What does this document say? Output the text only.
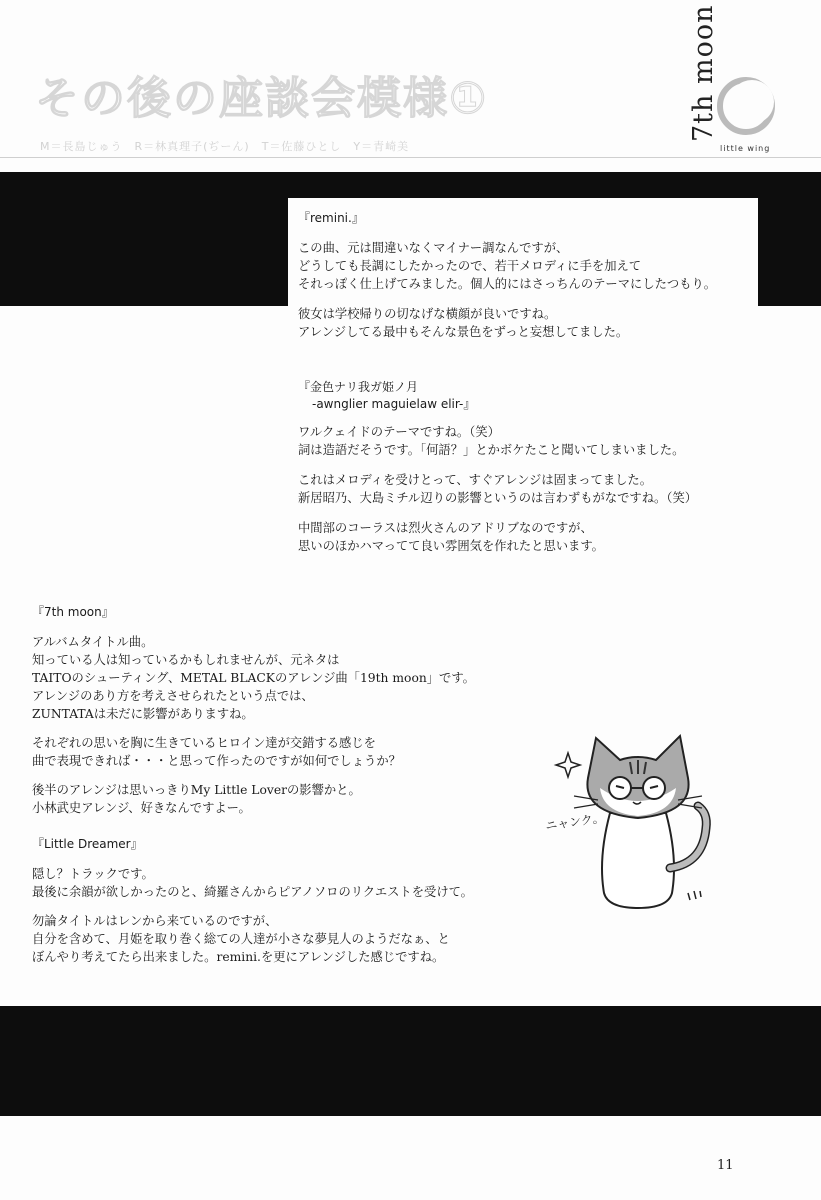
その後の座談会模様①
M＝長島じゅう　R＝林真理子(ぢーん)　T＝佐藤ひとし　Y＝青崎美
7th moon
little wing
『remini.』
この曲、元は間違いなくマイナー調なんですが、
どうしても長調にしたかったので、若干メロディに手を加えて
それっぽく仕上げてみました。個人的にはさっちんのテーマにしたつもり。
彼女は学校帰りの切なげな横顔が良いですね。
アレンジしてる最中もそんな景色をずっと妄想してました。
『金色ナリ我ガ姫ノ月
-awnglier maguielaw elir-』
ワルクェイドのテーマですね。（笑）
詞は造語だそうです。「何語？」とかボケたこと聞いてしまいました。
これはメロディを受けとって、すぐアレンジは固まってました。
新居昭乃、大島ミチル辺りの影響というのは言わずもがなですね。（笑）
中間部のコーラスは烈火さんのアドリブなのですが、
思いのほかハマってて良い雰囲気を作れたと思います。
『7th moon』
アルバムタイトル曲。
知っている人は知っているかもしれませんが、元ネタは
TAITOのシューティング、METAL BLACKのアレンジ曲「19th moon」です。
アレンジのあり方を考えさせられたという点では、
ZUNTATAは未だに影響がありますね。
それぞれの思いを胸に生きているヒロイン達が交錯する感じを
曲で表現できれば・・・と思って作ったのですが如何でしょうか？
後半のアレンジは思いっきりMy Little Loverの影響かと。
小林武史アレンジ、好きなんですよー。
『Little Dreamer』
隠し？トラックです。
最後に余韻が欲しかったのと、綺羅さんからピアノソロのリクエストを受けて。
勿論タイトルはレンから来ているのですが、
自分を含めて、月姫を取り巻く総ての人達が小さな夢見人のようだなぁ、と
ぼんやり考えてたら出来ました。remini.を更にアレンジした感じですね。
ニャンク。
11
